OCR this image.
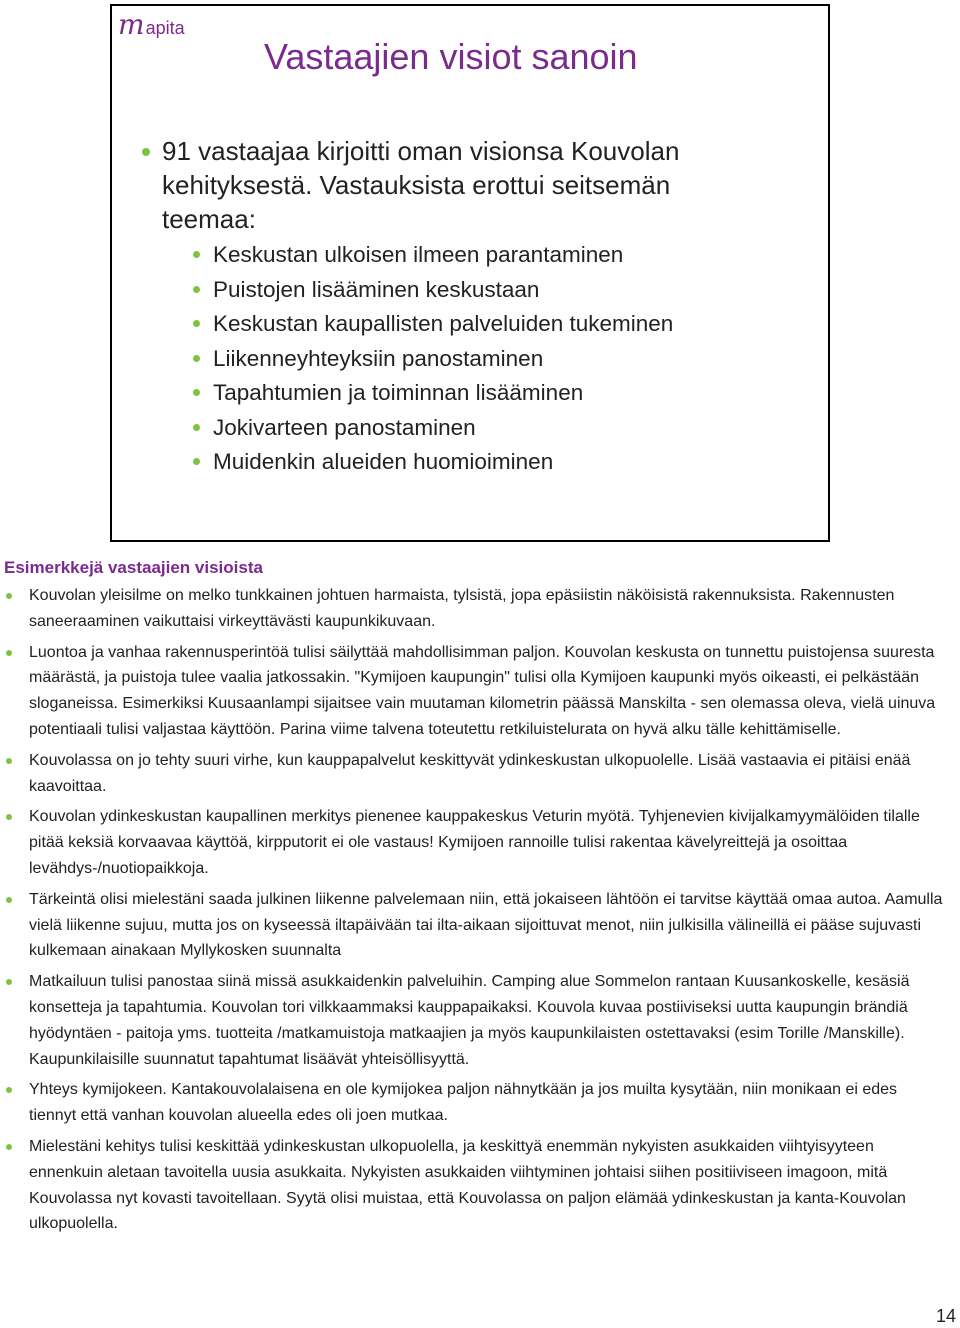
m apita
Vastaajien visiot sanoin
91 vastaajaa kirjoitti oman visionsa Kouvolan kehityksestä. Vastauksista erottui seitsemän teemaa:
Keskustan ulkoisen ilmeen parantaminen
Puistojen lisääminen keskustaan
Keskustan kaupallisten palveluiden tukeminen
Liikenneyhteyksiin panostaminen
Tapahtumien ja toiminnan lisääminen
Jokivarteen panostaminen
Muidenkin alueiden huomioiminen
Esimerkkejä vastaajien visioista
Kouvolan yleisilme on melko tunkkainen johtuen harmaista, tylsistä, jopa epäsiistin näköisistä rakennuksista. Rakennusten saneeraaminen vaikuttaisi virkeyttävästi kaupunkikuvaan.
Luontoa ja vanhaa rakennusperintöä tulisi säilyttää mahdollisimman paljon. Kouvolan keskusta on tunnettu puistojensa suuresta määrästä, ja puistoja tulee vaalia jatkossakin. "Kymijoen kaupungin" tulisi olla Kymijoen kaupunki myös oikeasti, ei pelkästään sloganeissa. Esimerkiksi Kuusaanlampi sijaitsee vain muutaman kilometrin päässä Manskilta - sen olemassa oleva, vielä uinuva potentiaali tulisi valjastaa käyttöön. Parina viime talvena toteutettu retkiluistelurata on hyvä alku tälle kehittämiselle.
Kouvolassa on jo tehty suuri virhe, kun kauppapalvelut keskittyvät ydinkeskustan ulkopuolelle. Lisää vastaavia ei pitäisi enää kaavoittaa.
Kouvolan ydinkeskustan kaupallinen merkitys pienenee kauppakeskus Veturin myötä. Tyhjenevien kivijalkamyymälöiden tilalle pitää keksiä korvaavaa käyttöä, kirpputorit ei ole vastaus! Kymijoen rannoille tulisi rakentaa kävelyreittejä ja osoittaa levähdys-/nuotiopaikkoja.
Tärkeintä olisi mielestäni saada julkinen liikenne palvelemaan niin, että jokaiseen lähtöön ei tarvitse käyttää omaa autoa. Aamulla vielä liikenne sujuu, mutta jos on kyseessä iltapäivään tai ilta-aikaan sijoittuvat menot, niin julkisilla välineillä ei pääse sujuvasti kulkemaan ainakaan Myllykosken suunnalta
Matkailuun tulisi panostaa siinä missä asukkaidenkin palveluihin. Camping alue Sommelon rantaan Kuusankoskelle, kesäsiä konsetteja ja tapahtumia. Kouvolan tori vilkkaammaksi kauppapaikaksi. Kouvola kuvaa postiiviseksi uutta kaupungin brändiä hyödyntäen - paitoja yms. tuotteita /matkamuistoja matkaajien ja myös kaupunkilaisten ostettavaksi (esim Torille /Manskille). Kaupunkilaisille suunnatut tapahtumat lisäävät yhteisöllisyyttä.
Yhteys kymijokeen. Kantakouvolalaisena en ole kymijokea paljon nähnytkään ja jos muilta kysytään, niin monikaan ei edes tiennyt että vanhan kouvolan alueella edes oli joen mutkaa.
Mielestäni kehitys tulisi keskittää ydinkeskustan ulkopuolella, ja keskittyä enemmän nykyisten asukkaiden viihtyisyyteen ennenkuin aletaan tavoitella uusia asukkaita. Nykyisten asukkaiden viihtyminen johtaisi siihen positiiviseen imagoon, mitä Kouvolassa nyt kovasti tavoitellaan. Syytä olisi muistaa, että Kouvolassa on paljon elämää ydinkeskustan ja kanta-Kouvolan ulkopuolella.
14
